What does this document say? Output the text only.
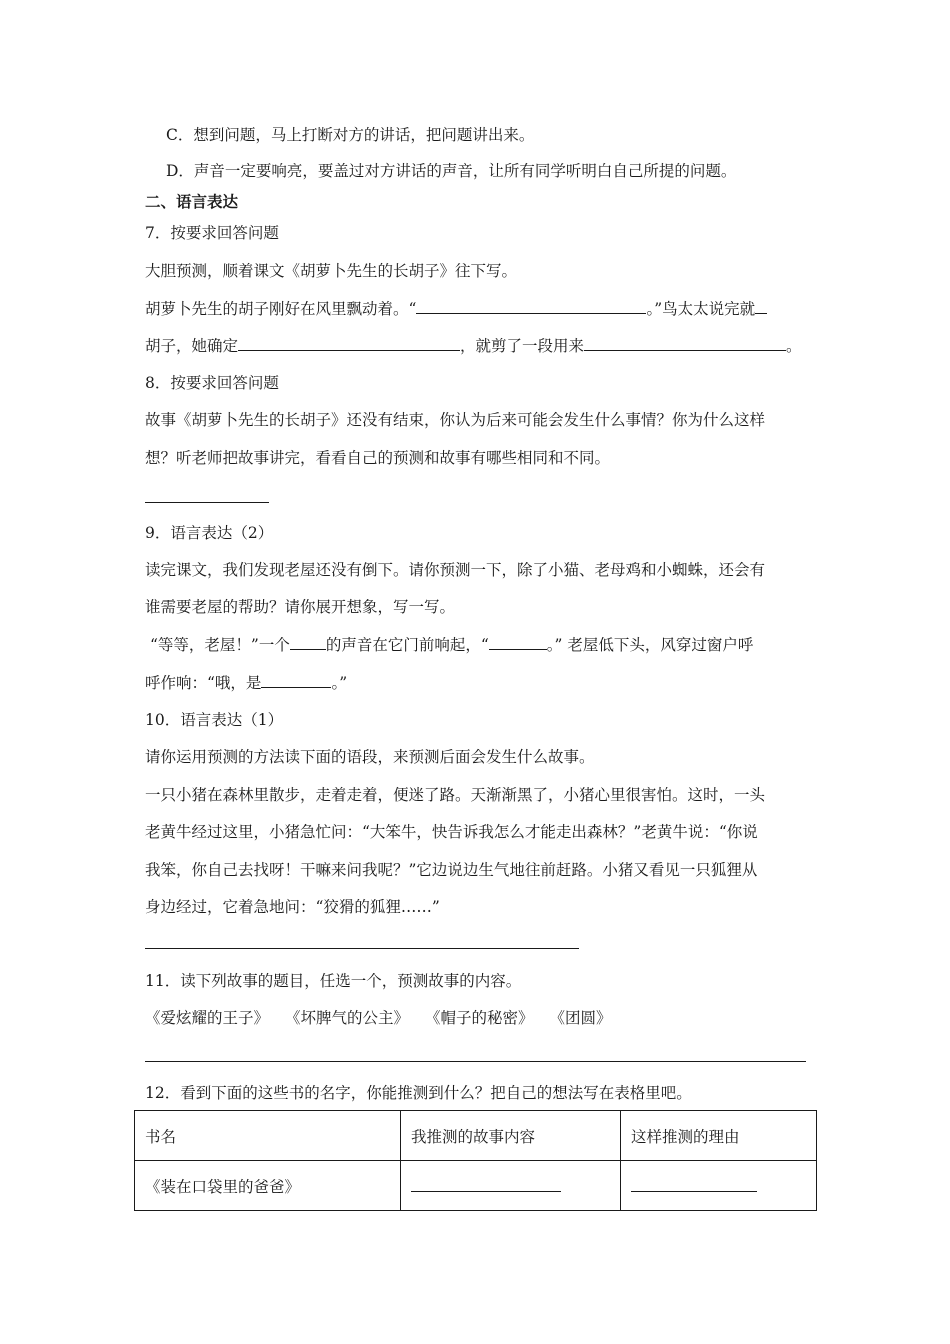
C．想到问题，马上打断对方的讲话，把问题讲出来。
D．声音一定要响亮，要盖过对方讲话的声音，让所有同学听明白自己所提的问题。
二、语言表达
7．按要求回答问题
大胆预测，顺着课文《胡萝卜先生的长胡子》往下写。
胡萝卜先生的胡子刚好在风里飘动着。“	。”鸟太太说完就
胡子，她确定	，就剪了一段用来	。
8．按要求回答问题
故事《胡萝卜先生的长胡子》还没有结束，你认为后来可能会发生什么事情？你为什么这样
想？听老师把故事讲完，看看自己的预测和故事有哪些相同和不同。
9．语言表达（2）
读完课文，我们发现老屋还没有倒下。请你预测一下，除了小猫、老母鸡和小蜘蛛，还会有
谁需要老屋的帮助？请你展开想象，写一写。
“等等，老屋！”一个 的声音在它门前响起，“	。” 老屋低下头，风穿过窗户呼
呼作响：“哦，是	。”
10．语言表达（1）
请你运用预测的方法读下面的语段，来预测后面会发生什么故事。
一只小猪在森林里散步，走着走着，便迷了路。天渐渐黑了，小猪心里很害怕。这时，一头
老黄牛经过这里，小猪急忙问：“大笨牛，快告诉我怎么才能走出森林？”老黄牛说：“你说
我笨，你自己去找呀！干嘛来问我呢？”它边说边生气地往前赶路。小猪又看见一只狐狸从
身边经过，它着急地问：“狡猾的狐狸……”
11．读下列故事的题目，任选一个，预测故事的内容。
《爱炫耀的王子》 《坏脾气的公主》 《帽子的秘密》 《团圆》
12．看到下面的这些书的名字，你能推测到什么？把自己的想法写在表格里吧。
书名	我推测的故事内容	这样推测的理由
《装在口袋里的爸爸》		
